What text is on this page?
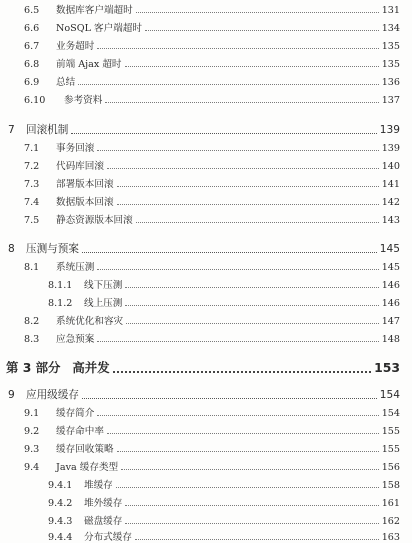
6.5	数据库客户端超时	131
6.6	NoSQL 客户端超时	134
6.7	业务超时	135
6.8	前端 Ajax 超时	135
6.9	总结	136
6.10	参考资料	137
7	回滚机制	139
7.1	事务回滚	139
7.2	代码库回滚	140
7.3	部署版本回滚	141
7.4	数据版本回滚	142
7.5	静态资源版本回滚	143
8	压测与预案	145
8.1	系统压测	145
8.1.1	线下压测	146
8.1.2	线上压测	146
8.2	系统优化和容灾	147
8.3	应急预案	148
第 3 部分 高并发	153
9	应用级缓存	154
9.1	缓存简介	154
9.2	缓存命中率	155
9.3	缓存回收策略	155
9.4	Java 缓存类型	156
9.4.1	堆缓存	158
9.4.2	堆外缓存	161
9.4.3	磁盘缓存	162
9.4.4	分布式缓存	163
